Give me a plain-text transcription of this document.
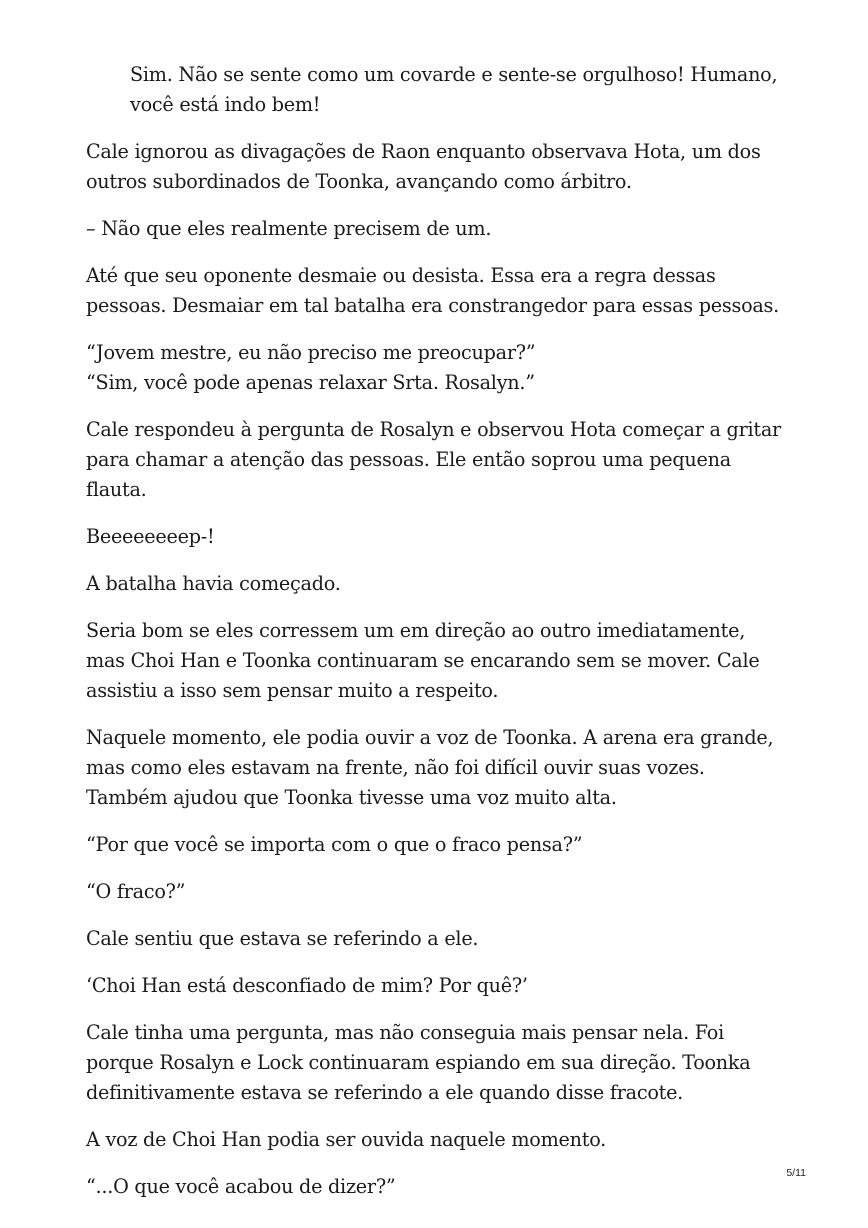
Sim. Não se sente como um covarde e sente-se orgulhoso! Humano, você está indo bem!

Cale ignorou as divagações de Raon enquanto observava Hota, um dos outros subordinados de Toonka, avançando como árbitro.

– Não que eles realmente precisem de um.

Até que seu oponente desmaie ou desista. Essa era a regra dessas pessoas. Desmaiar em tal batalha era constrangedor para essas pessoas.

“Jovem mestre, eu não preciso me preocupar?”

“Sim, você pode apenas relaxar Srta. Rosalyn.”

Cale respondeu à pergunta de Rosalyn e observou Hota começar a gritar para chamar a atenção das pessoas. Ele então soprou uma pequena flauta.

Beeeeeeeep-!

A batalha havia começado.

Seria bom se eles corressem um em direção ao outro imediatamente, mas Choi Han e Toonka continuaram se encarando sem se mover. Cale assistiu a isso sem pensar muito a respeito.

Naquele momento, ele podia ouvir a voz de Toonka. A arena era grande, mas como eles estavam na frente, não foi difícil ouvir suas vozes. Também ajudou que Toonka tivesse uma voz muito alta.

“Por que você se importa com o que o fraco pensa?”

“O fraco?”

Cale sentiu que estava se referindo a ele.

‘Choi Han está desconfiado de mim? Por quê?’

Cale tinha uma pergunta, mas não conseguia mais pensar nela. Foi porque Rosalyn e Lock continuaram espiando em sua direção. Toonka definitivamente estava se referindo a ele quando disse fracote.

A voz de Choi Han podia ser ouvida naquele momento.

“...O que você acabou de dizer?”

5/11
